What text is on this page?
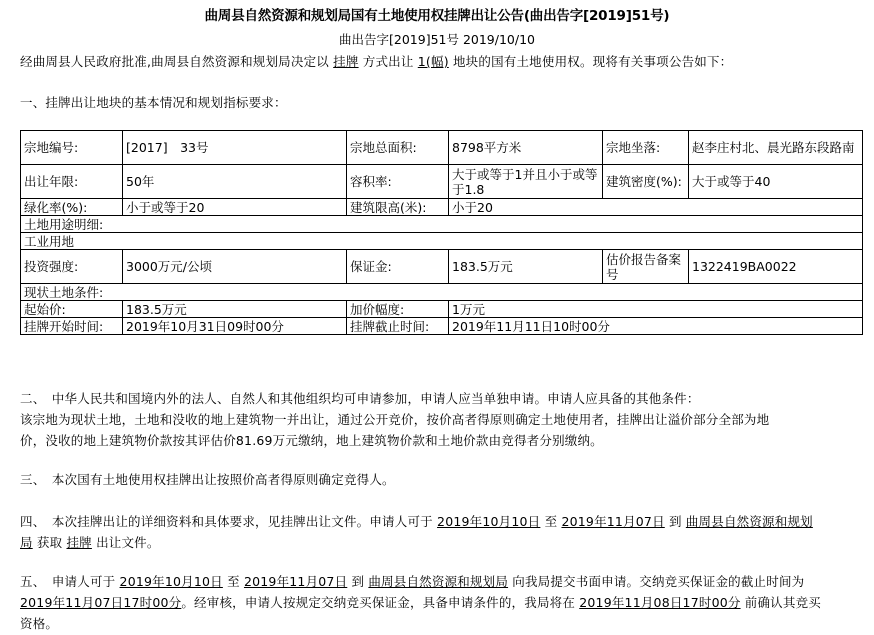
曲周县自然资源和规划局国有土地使用权挂牌出让公告(曲出告字[2019]51号)
曲出告字[2019]51号 2019/10/10
经曲周县人民政府批准,曲周县自然资源和规划局决定以 挂牌 方式出让 1(幅) 地块的国有土地使用权。现将有关事项公告如下：
一、挂牌出让地块的基本情况和规划指标要求：
宗地编号:	[2017]　33号	宗地总面积:	8798平方米	宗地坐落:	赵李庄村北、晨光路东段路南
出让年限:	50年	容积率:	大于或等于1并且小于或等于1.8	建筑密度(%):	大于或等于40
绿化率(%):	小于或等于20	建筑限高(米):	小于20		
土地用途明细:					
工业用地					
投资强度:	3000万元/公顷	保证金:	183.5万元	估价报告备案号	1322419BA0022
现状土地条件:					
起始价:	183.5万元	加价幅度:	1万元		
挂牌开始时间:	2019年10月31日09时00分	挂牌截止时间:	2019年11月11日10时00分		
二、　中华人民共和国境内外的法人、自然人和其他组织均可申请参加，申请人应当单独申请。申请人应具备的其他条件：
该宗地为现状土地，土地和没收的地上建筑物一并出让，通过公开竞价，按价高者得原则确定土地使用者，挂牌出让溢价部分全部为地
价，没收的地上建筑物价款按其评估价81.69万元缴纳，地上建筑物价款和土地价款由竞得者分别缴纳。
三、　本次国有土地使用权挂牌出让按照价高者得原则确定竞得人。
四、　本次挂牌出让的详细资料和具体要求，见挂牌出让文件。申请人可于 2019年10月10日 至 2019年11月07日 到 曲周县自然资源和规划
局 获取 挂牌 出让文件。
五、　申请人可于 2019年10月10日 至 2019年11月07日 到 曲周县自然资源和规划局 向我局提交书面申请。交纳竞买保证金的截止时间为
2019年11月07日17时00分。经审核，申请人按规定交纳竞买保证金，具备申请条件的，我局将在 2019年11月08日17时00分 前确认其竞买
资格。
